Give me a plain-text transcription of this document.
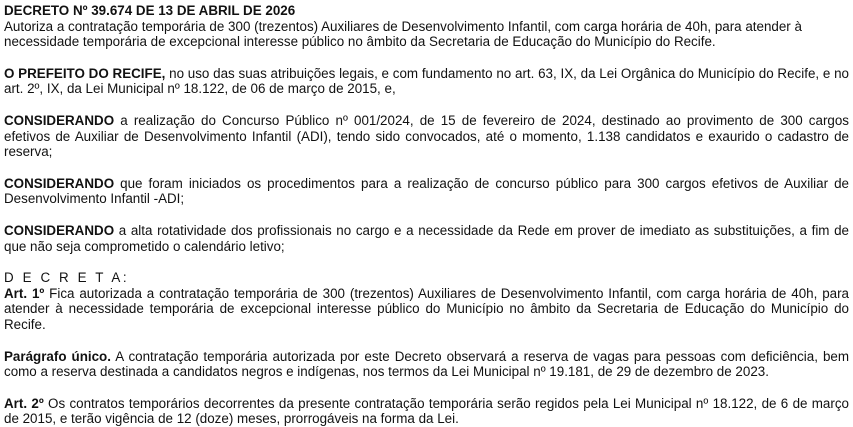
DECRETO Nº 39.674 DE 13 DE ABRIL DE 2026

Autoriza a contratação temporária de 300 (trezentos) Auxiliares de Desenvolvimento Infantil, com carga horária de 40h, para atender à necessidade temporária de excepcional interesse público no âmbito da Secretaria de Educação do Município do Recife.

O PREFEITO DO RECIFE, no uso das suas atribuições legais, e com fundamento no art. 63, IX, da Lei Orgânica do Município do Recife, e no art. 2º, IX, da Lei Municipal nº 18.122, de 06 de março de 2015, e,

CONSIDERANDO a realização do Concurso Público nº 001/2024, de 15 de fevereiro de 2024, destinado ao provimento de 300 cargos efetivos de Auxiliar de Desenvolvimento Infantil (ADI), tendo sido convocados, até o momento, 1.138 candidatos e exaurido o cadastro de reserva;

CONSIDERANDO que foram iniciados os procedimentos para a realização de concurso público para 300 cargos efetivos de Auxiliar de Desenvolvimento Infantil -ADI;

CONSIDERANDO a alta rotatividade dos profissionais no cargo e a necessidade da Rede em prover de imediato as substituições, a fim de que não seja comprometido o calendário letivo;

D E C R E T A:

Art. 1º Fica autorizada a contratação temporária de 300 (trezentos) Auxiliares de Desenvolvimento Infantil, com carga horária de 40h, para atender à necessidade temporária de excepcional interesse público do Município no âmbito da Secretaria de Educação do Município do Recife.

Parágrafo único. A contratação temporária autorizada por este Decreto observará a reserva de vagas para pessoas com deficiência, bem como a reserva destinada a candidatos negros e indígenas, nos termos da Lei Municipal nº 19.181, de 29 de dezembro de 2023.

Art. 2º Os contratos temporários decorrentes da presente contratação temporária serão regidos pela Lei Municipal nº 18.122, de 6 de março de 2015, e terão vigência de 12 (doze) meses, prorrogáveis na forma da Lei.
